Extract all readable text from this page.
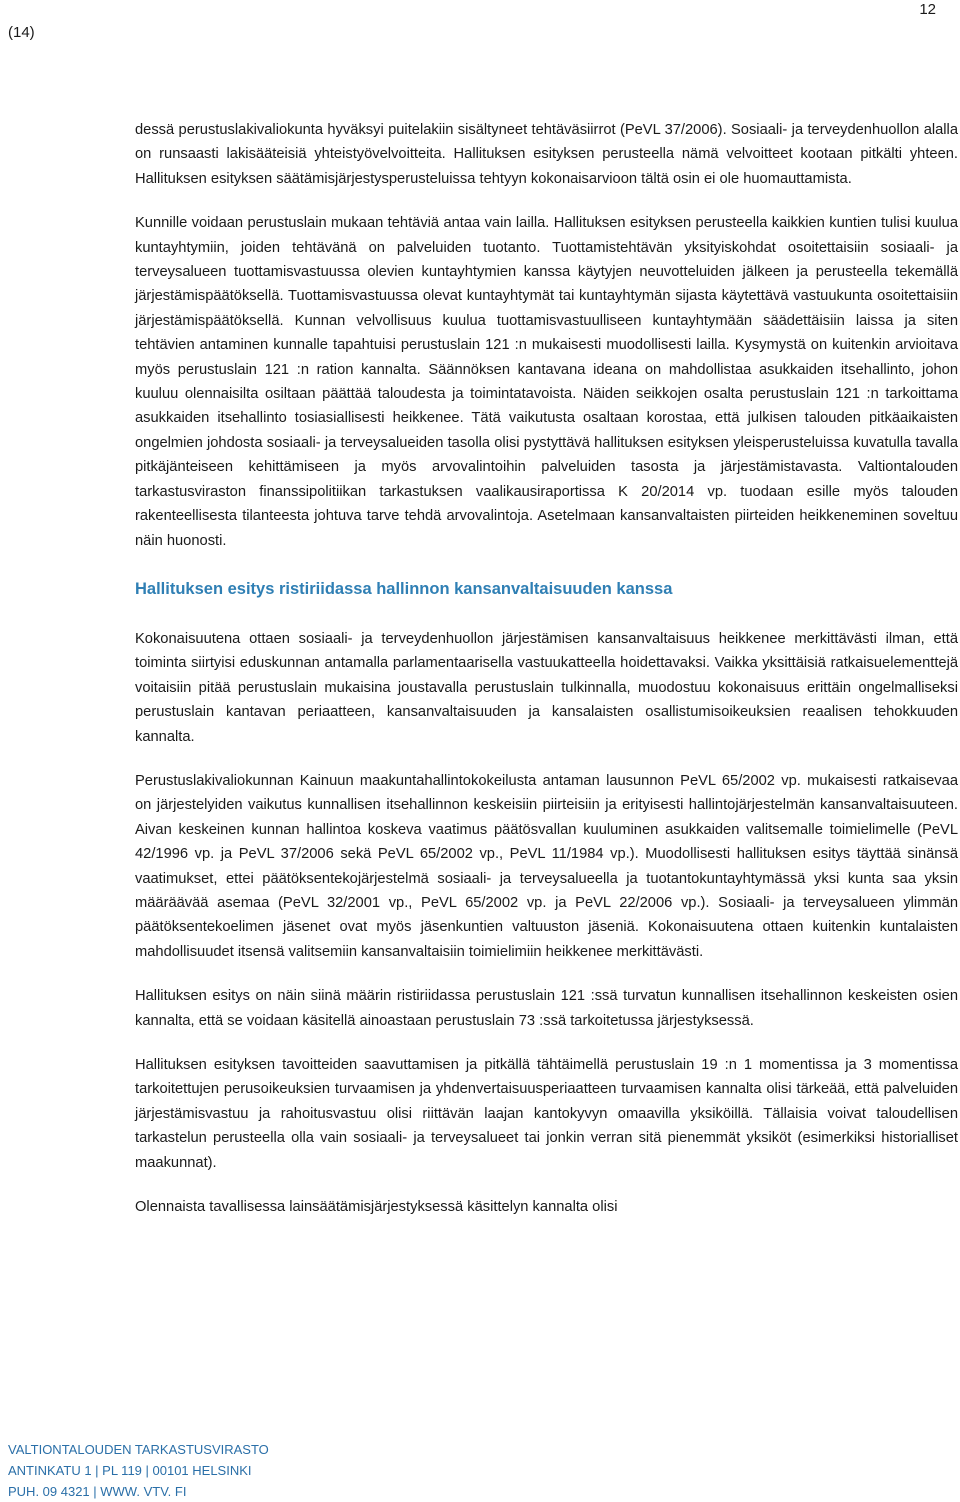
12
(14)

dessä perustuslakivaliokunta hyväksyi puitelakiin sisältyneet tehtäväsiirrot (PeVL 37/2006). Sosiaali- ja terveydenhuollon alalla on runsaasti lakisääteisiä yhteistyövelvoitteita. Hallituksen esityksen perusteella nämä velvoitteet kootaan pitkälti yhteen. Hallituksen esityksen säätämisjärjestysperusteluissa tehtyyn kokonaisarvioon tältä osin ei ole huomauttamista.

Kunnille voidaan perustuslain mukaan tehtäviä antaa vain lailla. Hallituksen esityksen perusteella kaikkien kuntien tulisi kuulua kuntayhtymiin, joiden tehtävänä on palveluiden tuotanto. Tuottamistehtävän yksityiskohdat osoitettaisiin sosiaali- ja terveysalueen tuottamisvastuussa olevien kuntayhtymien kanssa käytyjen neuvotteluiden jälkeen ja perusteella tekemällä järjestämispäätöksellä. Tuottamisvastuussa olevat kuntayhtymät tai kuntayhtymän sijasta käytettävä vastuukunta osoitettaisiin järjestämispäätöksellä. Kunnan velvollisuus kuulua tuottamisvastuulliseen kuntayhtymään säädettäisiin laissa ja siten tehtävien antaminen kunnalle tapahtuisi perustuslain 121 :n mukaisesti muodollisesti lailla. Kysymystä on kuitenkin arvioitava myös perustuslain 121 :n ration kannalta. Säännöksen kantavana ideana on mahdollistaa asukkaiden itsehallinto, johon kuuluu olennaisilta osiltaan päättää taloudesta ja toimintatavoista. Näiden seikkojen osalta perustuslain 121 :n tarkoittama asukkaiden itsehallinto tosiasiallisesti heikkenee. Tätä vaikutusta osaltaan korostaa, että julkisen talouden pitkäaikaisten ongelmien johdosta sosiaali- ja terveysalueiden tasolla olisi pystyttävä hallituksen esityksen yleisperusteluissa kuvatulla tavalla pitkäjänteiseen kehittämiseen ja myös arvovalintoihin palveluiden tasosta ja järjestämistavasta. Valtiontalouden tarkastusviraston finanssipolitiikan tarkastuksen vaalikausiraportissa K 20/2014 vp. tuodaan esille myös talouden rakenteellisesta tilanteesta johtuva tarve tehdä arvovalintoja. Asetelmaan kansanvaltaisten piirteiden heikkeneminen soveltuu näin huonosti.

Hallituksen esitys ristiriidassa hallinnon kansanvaltaisuuden kanssa

Kokonaisuutena ottaen sosiaali- ja terveydenhuollon järjestämisen kansanvaltaisuus heikkenee merkittävästi ilman, että toiminta siirtyisi eduskunnan antamalla parlamentaarisella vastuukatteella hoidettavaksi. Vaikka yksittäisiä ratkaisuelementtejä voitaisiin pitää perustuslain mukaisina joustavalla perustuslain tulkinnalla, muodostuu kokonaisuus erittäin ongelmalliseksi perustuslain kantavan periaatteen, kansanvaltaisuuden ja kansalaisten osallistumisoikeuksien reaalisen tehokkuuden kannalta.

Perustuslakivaliokunnan Kainuun maakuntahallintokokeilusta antaman lausunnon PeVL 65/2002 vp. mukaisesti ratkaisevaa on järjestelyiden vaikutus kunnallisen itsehallinnon keskeisiin piirteisiin ja erityisesti hallintojärjestelmän kansanvaltaisuuteen. Aivan keskeinen kunnan hallintoa koskeva vaatimus päätösvallan kuuluminen asukkaiden valitsemalle toimielimelle (PeVL 42/1996 vp. ja PeVL 37/2006 sekä PeVL 65/2002 vp., PeVL 11/1984 vp.). Muodollisesti hallituksen esitys täyttää sinänsä vaatimukset, ettei päätöksentekojärjestelmä sosiaali- ja terveysalueella ja tuotantokuntayhtymässä yksi kunta saa yksin määräävää asemaa (PeVL 32/2001 vp., PeVL 65/2002 vp. ja PeVL 22/2006 vp.). Sosiaali- ja terveysalueen ylimmän päätöksentekoelimen jäsenet ovat myös jäsenkuntien valtuuston jäseniä. Kokonaisuutena ottaen kuitenkin kuntalaisten mahdollisuudet itsensä valitsemiin kansanvaltaisiin toimielimiin heikkenee merkittävästi.

Hallituksen esitys on näin siinä määrin ristiriidassa perustuslain 121 :ssä turvatun kunnallisen itsehallinnon keskeisten osien kannalta, että se voidaan käsitellä ainoastaan perustuslain 73 :ssä tarkoitetussa järjestyksessä.

Hallituksen esityksen tavoitteiden saavuttamisen ja pitkällä tähtäimellä perustuslain 19 :n 1 momentissa ja 3 momentissa tarkoitettujen perusoikeuksien turvaamisen ja yhdenvertaisuusperiaatteen turvaamisen kannalta olisi tärkeää, että palveluiden järjestämisvastuu ja rahoitusvastuu olisi riittävän laajan kantokyvyn omaavilla yksiköillä. Tällaisia voivat taloudellisen tarkastelun perusteella olla vain sosiaali- ja terveysalueet tai jonkin verran sitä pienemmät yksiköt (esimerkiksi historialliset maakunnat).

Olennaista tavallisessa lainsäätämisjärjestyksessä käsittelyn kannalta olisi

VALTIONTALOUDEN TARKASTUSVIRASTO
ANTINKATU 1 | PL 119 | 00101 HELSINKI
PUH. 09 4321 | WWW. VTV. FI
